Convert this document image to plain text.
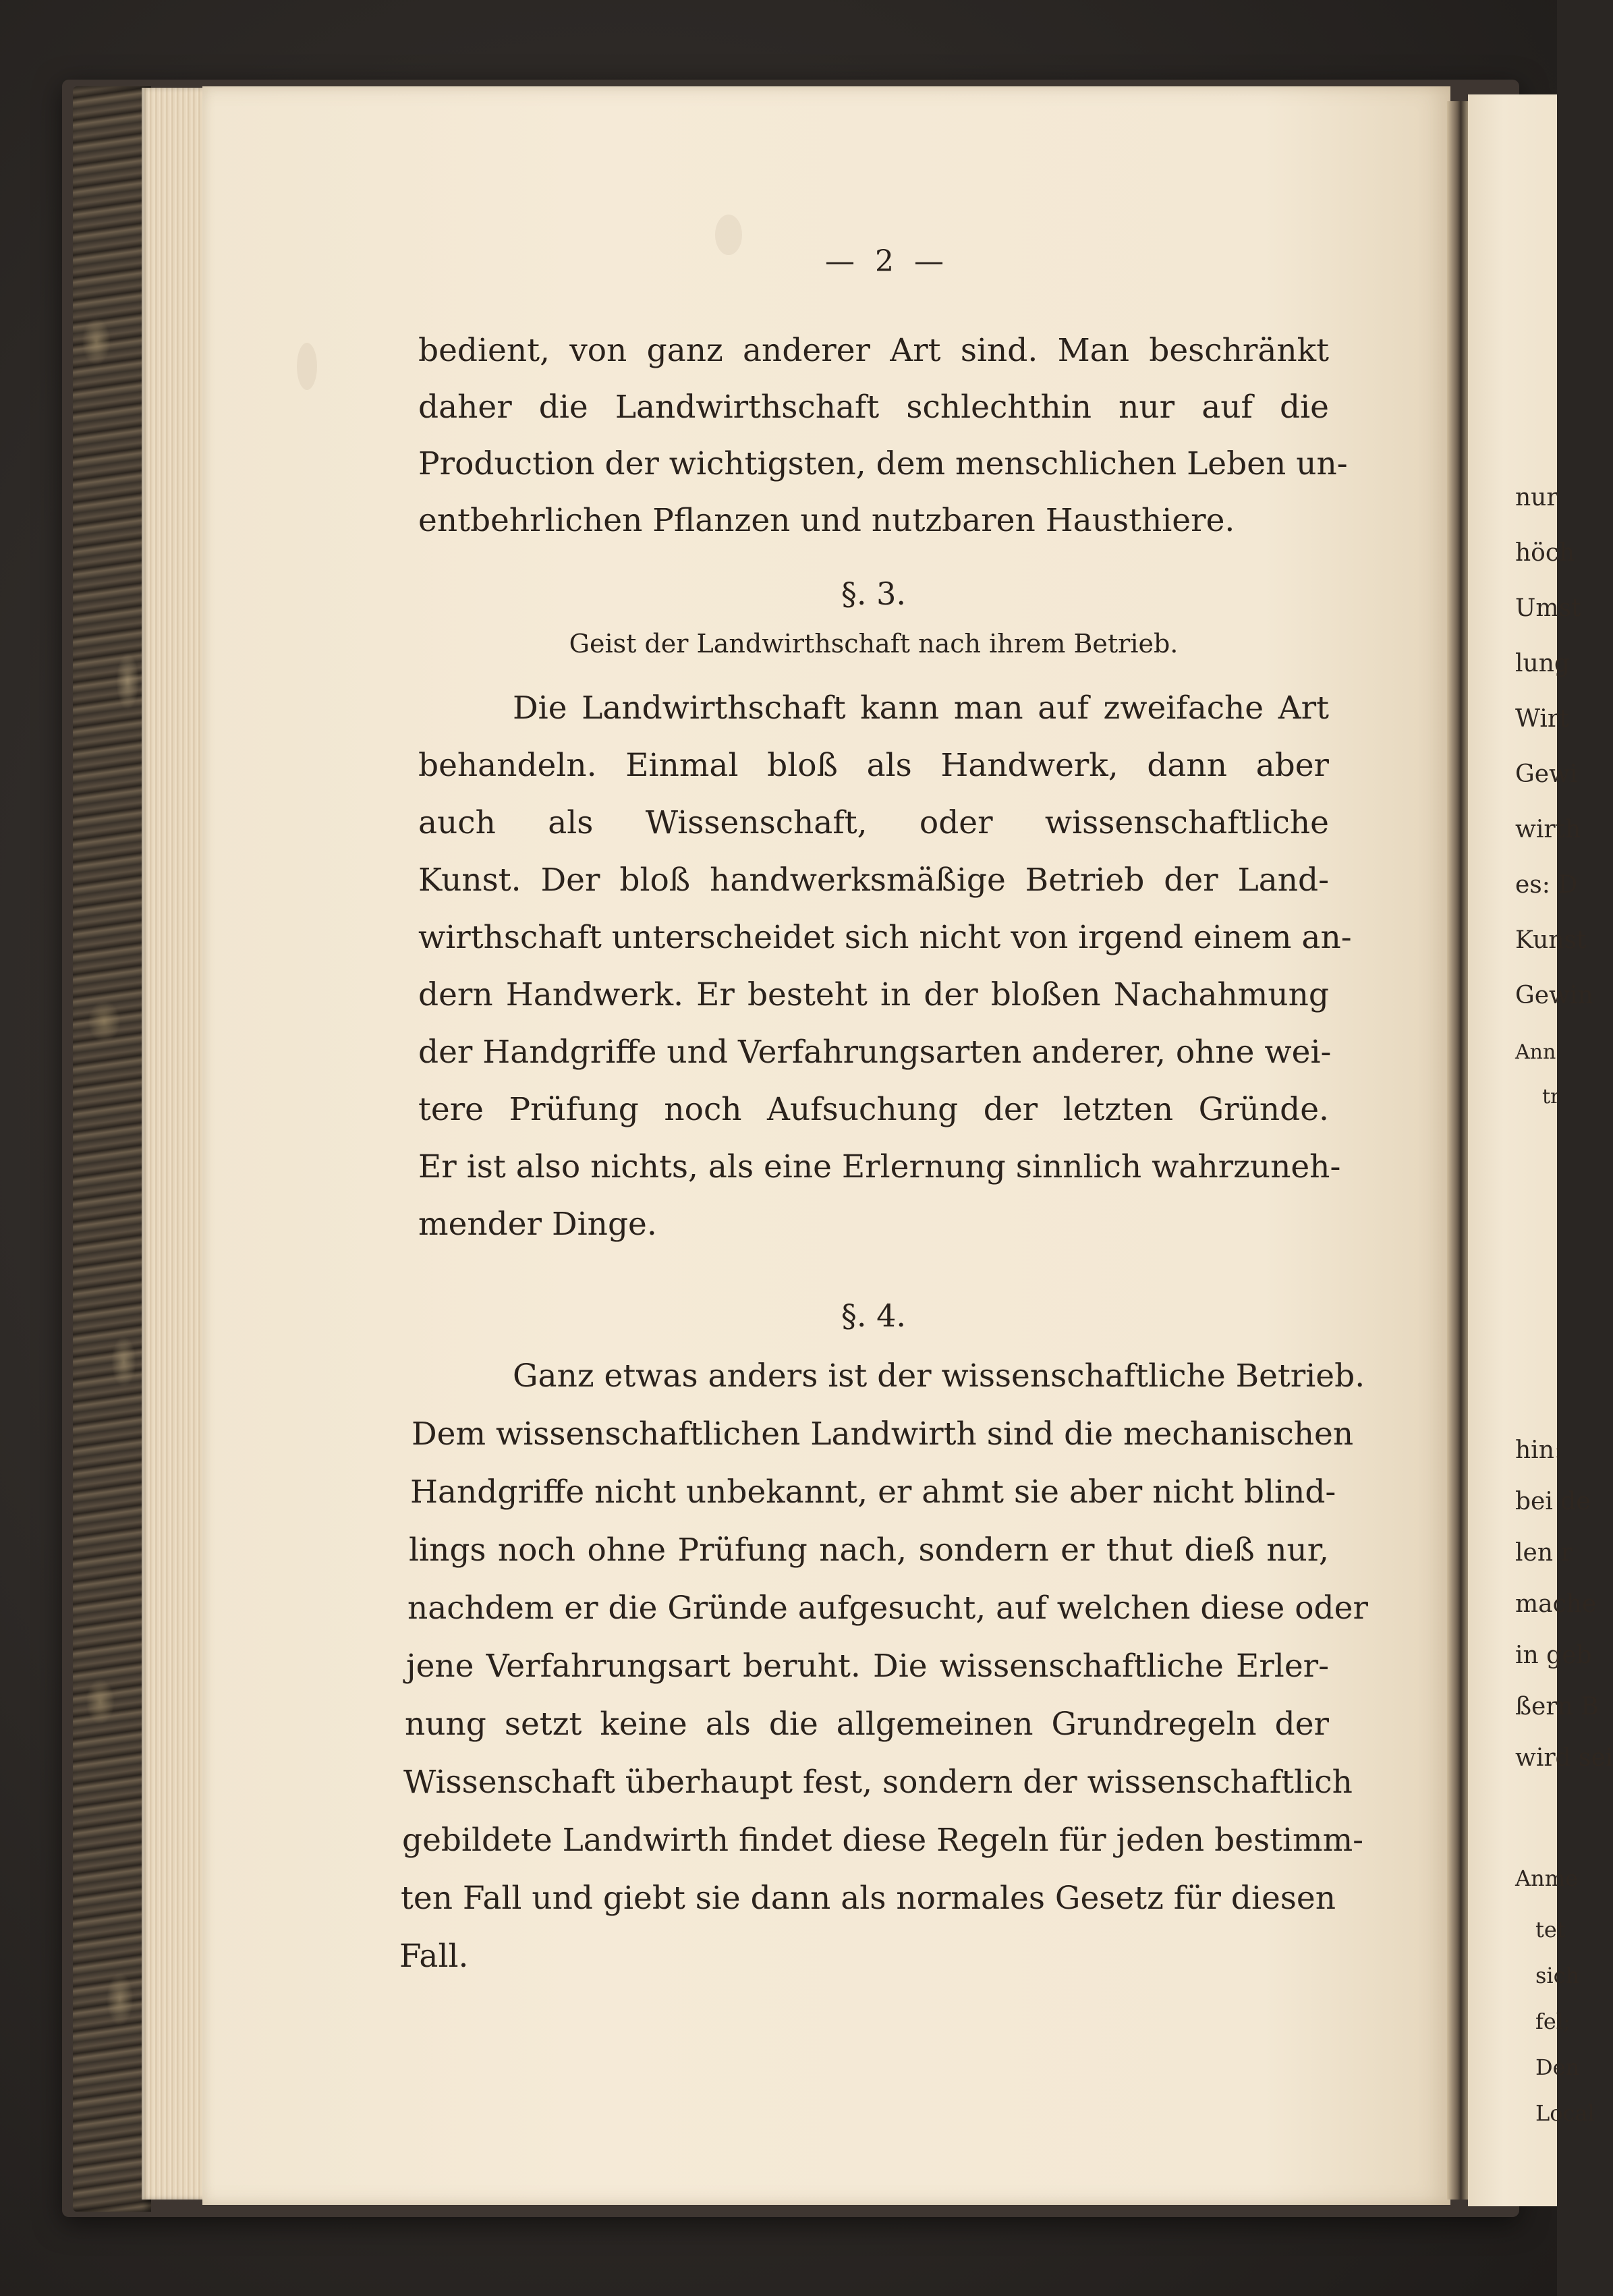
nur
höch
Umst
lung
Wirt
Gewi
wirth
es: D
Kunst
Gewin
Ann
tr
hin:
bei de
len r
mache
in geb
ßern B
wird sei
Anme
tet
sich
fel;
Den
Local
— 2 —
bedient, von ganz anderer Art sind. Man beschränkt
daher die Landwirthschaft schlechthin nur auf die
Production der wichtigsten, dem menschlichen Leben un-
entbehrlichen Pflanzen und nutzbaren Hausthiere.
§. 3.
Geist der Landwirthschaft nach ihrem Betrieb.
Die Landwirthschaft kann man auf zweifache Art
behandeln. Einmal bloß als Handwerk, dann aber
auch als Wissenschaft, oder wissenschaftliche
Kunst. Der bloß handwerksmäßige Betrieb der Land-
wirthschaft unterscheidet sich nicht von irgend einem an-
dern Handwerk. Er besteht in der bloßen Nachahmung
der Handgriffe und Verfahrungsarten anderer, ohne wei-
tere Prüfung noch Aufsuchung der letzten Gründe.
Er ist also nichts, als eine Erlernung sinnlich wahrzuneh-
mender Dinge.
§. 4.
Ganz etwas anders ist der wissenschaftliche Betrieb.
Dem wissenschaftlichen Landwirth sind die mechanischen
Handgriffe nicht unbekannt, er ahmt sie aber nicht blind-
lings noch ohne Prüfung nach, sondern er thut dieß nur,
nachdem er die Gründe aufgesucht, auf welchen diese oder
jene Verfahrungsart beruht. Die wissenschaftliche Erler-
nung setzt keine als die allgemeinen Grundregeln der
Wissenschaft überhaupt fest, sondern der wissenschaftlich
gebildete Landwirth findet diese Regeln für jeden bestimm-
ten Fall und giebt sie dann als normales Gesetz für diesen
Fall.
